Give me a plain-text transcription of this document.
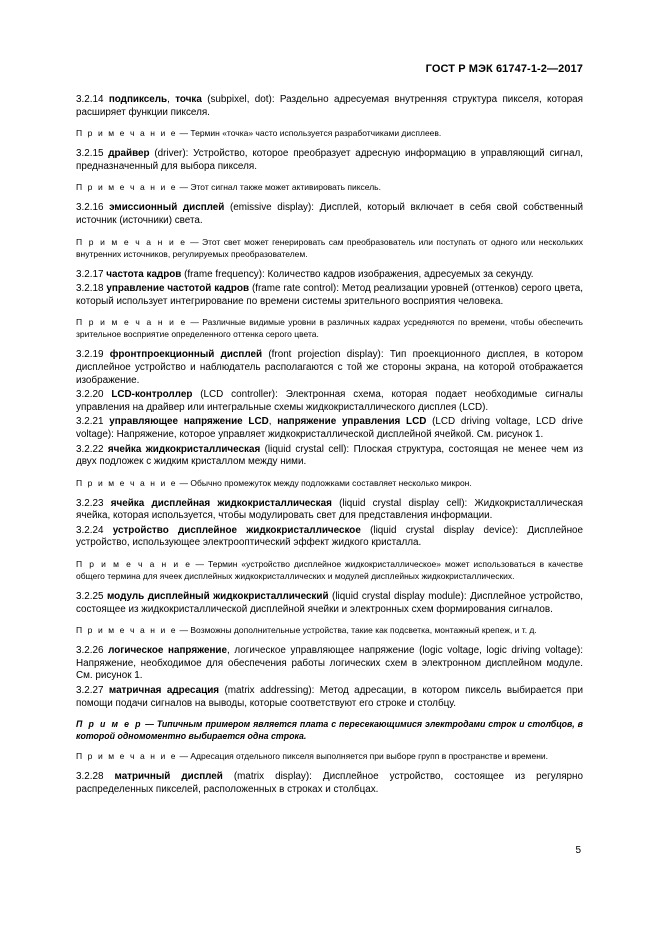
ГОСТ Р МЭК 61747-1-2—2017

3.2.14 подпиксель, точка (subpixel, dot): Раздельно адресуемая внутренняя структура пикселя, которая расширяет функции пикселя.

П р и м е ч а н и е — Термин «точка» часто используется разработчиками дисплеев.

3.2.15 драйвер (driver): Устройство, которое преобразует адресную информацию в управляющий сигнал, предназначенный для выбора пикселя.

П р и м е ч а н и е — Этот сигнал также может активировать пиксель.

3.2.16 эмиссионный дисплей (emissive display): Дисплей, который включает в себя свой собственный источник (источники) света.

П р и м е ч а н и е — Этот свет может генерировать сам преобразователь или поступать от одного или нескольких внутренних источников, регулируемых преобразователем.

3.2.17 частота кадров (frame frequency): Количество кадров изображения, адресуемых за секунду.

3.2.18 управление частотой кадров (frame rate control): Метод реализации уровней (оттенков) серого цвета, который использует интегрирование по времени системы зрительного восприятия человека.

П р и м е ч а н и е — Различные видимые уровни в различных кадрах усредняются по времени, чтобы обеспечить зрительное восприятие определенного оттенка серого цвета.

3.2.19 фронтпроекционный дисплей (front projection display): Тип проекционного дисплея, в котором дисплейное устройство и наблюдатель располагаются с той же стороны экрана, на которой отображается изображение.

3.2.20 LCD-контроллер (LCD controller): Электронная схема, которая подает необходимые сигналы управления на драйвер или интегральные схемы жидкокристаллического дисплея (LCD).

3.2.21 управляющее напряжение LCD, напряжение управления LCD (LCD driving voltage, LCD drive voltage): Напряжение, которое управляет жидкокристаллической дисплейной ячейкой. См. рисунок 1.

3.2.22 ячейка жидкокристаллическая (liquid crystal cell): Плоская структура, состоящая не менее чем из двух подложек с жидким кристаллом между ними.

П р и м е ч а н и е — Обычно промежуток между подложками составляет несколько микрон.

3.2.23 ячейка дисплейная жидкокристаллическая (liquid crystal display cell): Жидкокристаллическая ячейка, которая используется, чтобы модулировать свет для представления информации.

3.2.24 устройство дисплейное жидкокристаллическое (liquid crystal display device): Дисплейное устройство, использующее электрооптический эффект жидкого кристалла.

П р и м е ч а н и е — Термин «устройство дисплейное жидкокристаллическое» может использоваться в качестве общего термина для ячеек дисплейных жидкокристаллических и модулей дисплейных жидкокристаллических.

3.2.25 модуль дисплейный жидкокристаллический (liquid crystal display module): Дисплейное устройство, состоящее из жидкокристаллической дисплейной ячейки и электронных схем формирования сигналов.

П р и м е ч а н и е — Возможны дополнительные устройства, такие как подсветка, монтажный крепеж, и т. д.

3.2.26 логическое напряжение, логическое управляющее напряжение (logic voltage, logic driving voltage): Напряжение, необходимое для обеспечения работы логических схем в электронном дисплейном модуле. См. рисунок 1.

3.2.27 матричная адресация (matrix addressing): Метод адресации, в котором пиксель выбирается при помощи подачи сигналов на выводы, которые соответствуют его строке и столбцу.

П р и м е р — Типичным примером является плата с пересекающимися электродами строк и столбцов, в которой одномоментно выбирается одна строка.

П р и м е ч а н и е — Адресация отдельного пикселя выполняется при выборе групп в пространстве и времени.

3.2.28 матричный дисплей (matrix display): Дисплейное устройство, состоящее из регулярно распределенных пикселей, расположенных в строках и столбцах.

5
